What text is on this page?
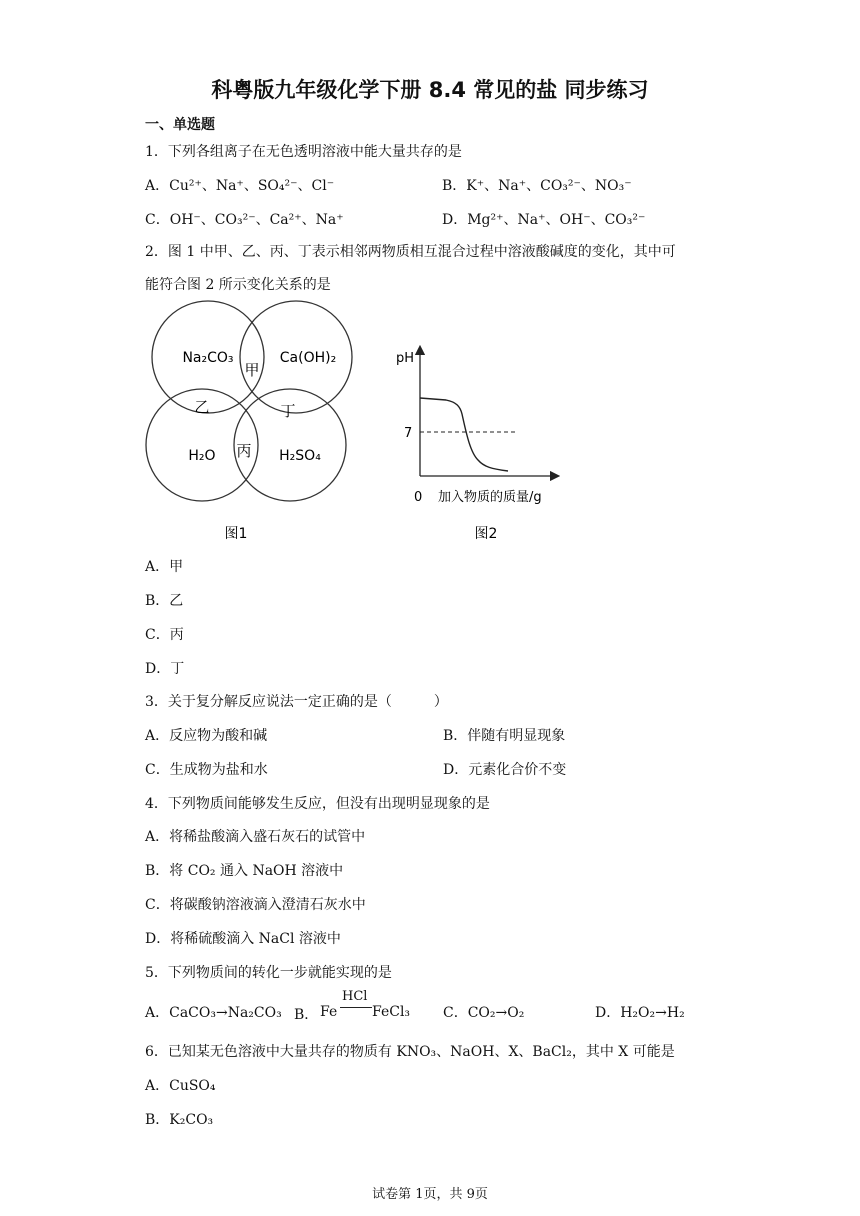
科粤版九年级化学下册 8.4 常见的盐 同步练习
一、单选题
1．下列各组离子在无色透明溶液中能大量共存的是
A．Cu²⁺、Na⁺、SO₄²⁻、Cl⁻	B．K⁺、Na⁺、CO₃²⁻、NO₃⁻
C．OH⁻、CO₃²⁻、Ca²⁺、Na⁺	D．Mg²⁺、Na⁺、OH⁻、CO₃²⁻
2．图 1 中甲、乙、丙、丁表示相邻两物质相互混合过程中溶液酸碱度的变化，其中可
能符合图 2 所示变化关系的是
Na₂CO₃	Ca(OH)₂
H₂O	H₂SO₄
甲
乙
丙
丁
图1
pH
7
0 加入物质的质量/g
图2
A．甲
B．乙
C．丙
D．丁
3．关于复分解反应说法一定正确的是（　　　）
A．反应物为酸和碱	B．伴随有明显现象
C．生成物为盐和水	D．元素化合价不变
4．下列物质间能够发生反应，但没有出现明显现象的是
A．将稀盐酸滴入盛石灰石的试管中
B．将 CO₂ 通入 NaOH 溶液中
C．将碳酸钠溶液滴入澄清石灰水中
D．将稀硫酸滴入 NaCl 溶液中
5．下列物质间的转化一步就能实现的是
A．CaCO₃→Na₂CO₃ B． Fe
HCl
FeCl₃ C．CO₂→O₂	D．H₂O₂→H₂
6．已知某无色溶液中大量共存的物质有 KNO₃、NaOH、X、BaCl₂，其中 X 可能是
A．CuSO₄
B．K₂CO₃
试卷第 1页，共 9页
